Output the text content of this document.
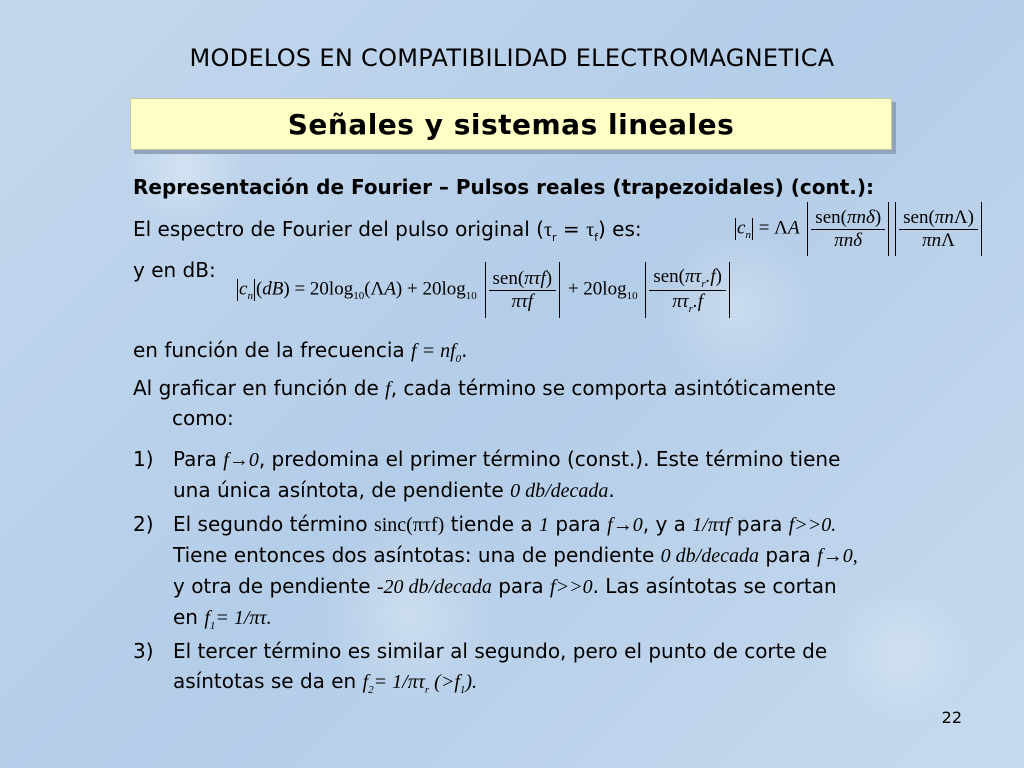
MODELOS EN COMPATIBILIDAD ELECTROMAGNETICA
Señales y sistemas lineales
Representación de Fourier – Pulsos reales (trapezoidales) (cont.):
El espectro de Fourier del pulso original $(\tau_r = \tau_f)$ es:	$c_n = \Lambda A \frac{\text{sen(πnδ)}}{\text{πnδ}} \frac{\text{sen(πnΛ)}}{\text{πnΛ}}$
y en dB:
$c_n$ $(dB) = 20\log_{10}(\Lambda A) + 20\log_{10} \frac{\text{sen(πτf)}}{\text{πτf}} + 20\log_{10} \frac{sen(\pi\tau_r.f)}{\pi\tau_r.f}$
en función de la frecuencia $f = nf_0$.
Al graficar en función de f, cada término se comporta asintóticamente
como:
1) Para f→0, predomina el primer término (const.). Este término tiene
una única asíntota, de pendiente 0 db/decada.
2) El segundo término sinc(πτf) tiende a 1 para f→0, y a 1/πτf para f>>0.
Tiene entonces dos asíntotas: una de pendiente 0 db/decada para f→0,
y otra de pendiente -20 db/decada para f>>0. Las asíntotas se cortan
en $f_1= 1/\pi\tau$.
3) El tercer término es similar al segundo, pero el punto de corte de
asíntotas se da en $f_2= 1/\pi\tau_r$ $(>f_1)$.
22
